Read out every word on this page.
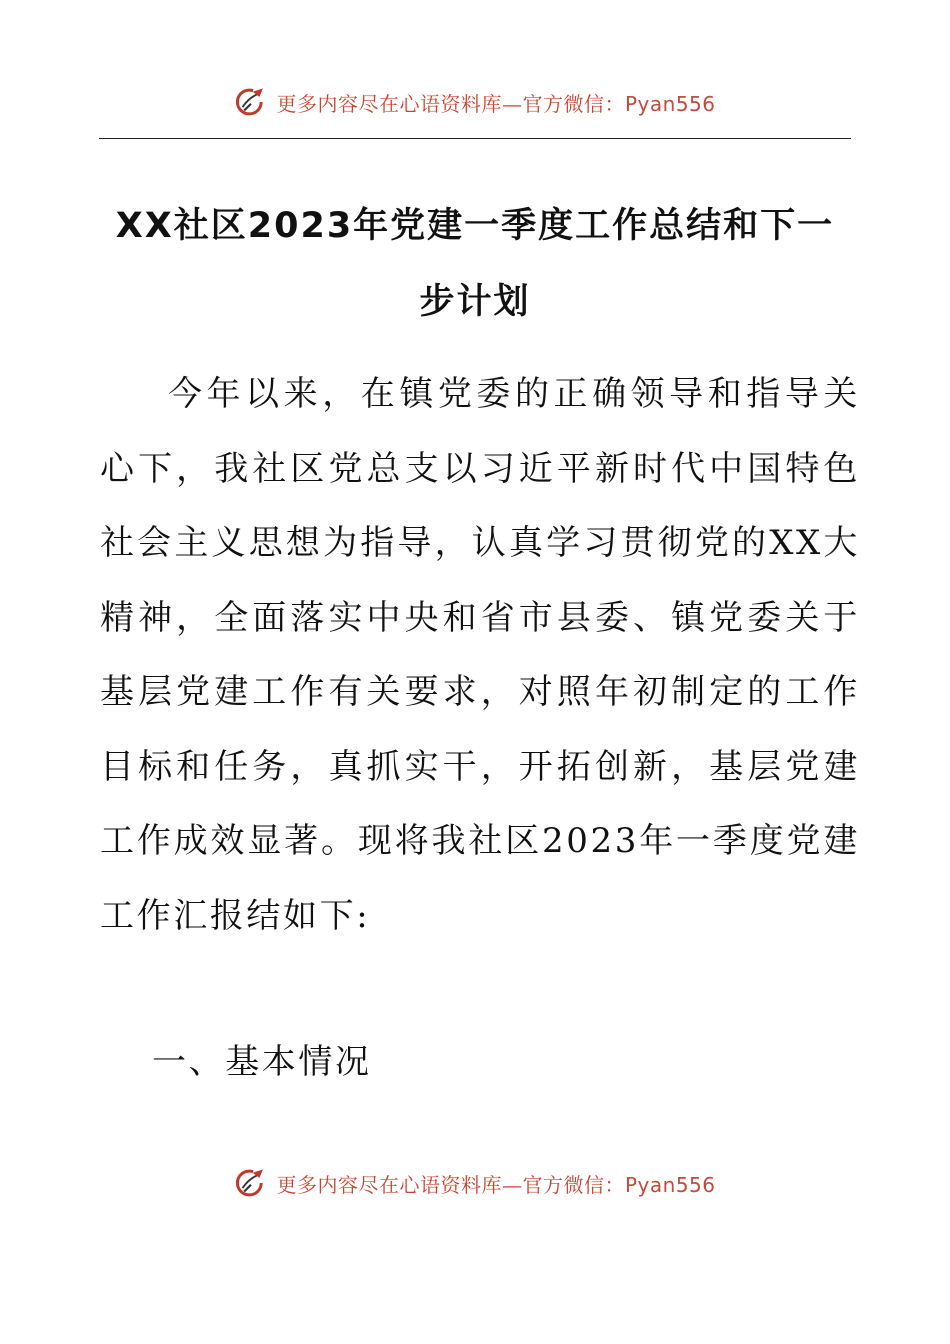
更多内容尽在心语资料库—官方微信：Pyan556
XX社区2023年党建一季度工作总结和下一步计划

今年以来，在镇党委的正确领导和指导关心下，我社区党总支以习近平新时代中国特色社会主义思想为指导，认真学习贯彻党的XX大精神，全面落实中央和省市县委、镇党委关于基层党建工作有关要求，对照年初制定的工作目标和任务，真抓实干，开拓创新，基层党建工作成效显著。现将我社区2023年一季度党建工作汇报结如下:

一、基本情况
更多内容尽在心语资料库—官方微信：Pyan556
